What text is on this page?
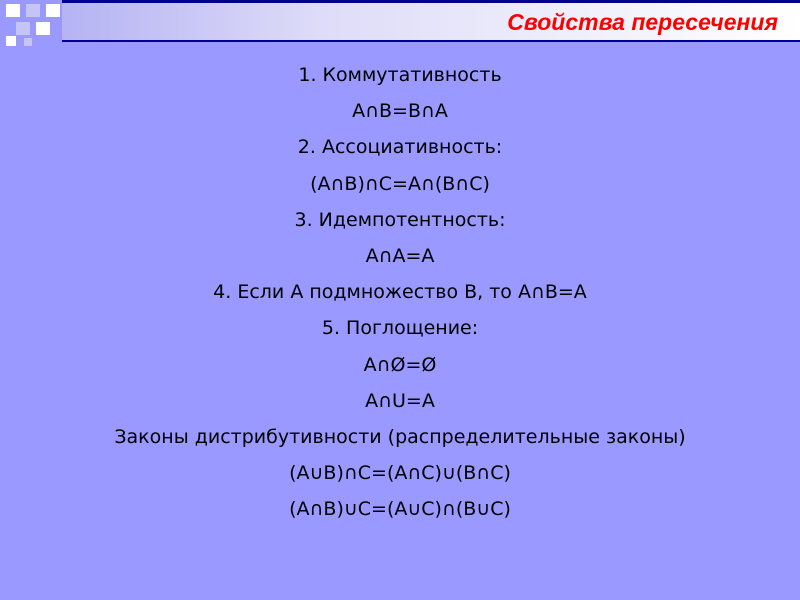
Свойства пересечения
1. Коммутативность
A∩B=B∩A
2. Ассоциативность:
(A∩B)∩C=A∩(B∩C)
3. Идемпотентность:
A∩A=A
4. Если А подмножество В, то A∩B=A
5. Поглощение:
A∩Ø=Ø
A∩U=A
Законы дистрибутивности (распределительные законы)
(A∪B)∩C=(A∩C)∪(B∩C)
(A∩B)∪C=(A∪C)∩(B∪C)
